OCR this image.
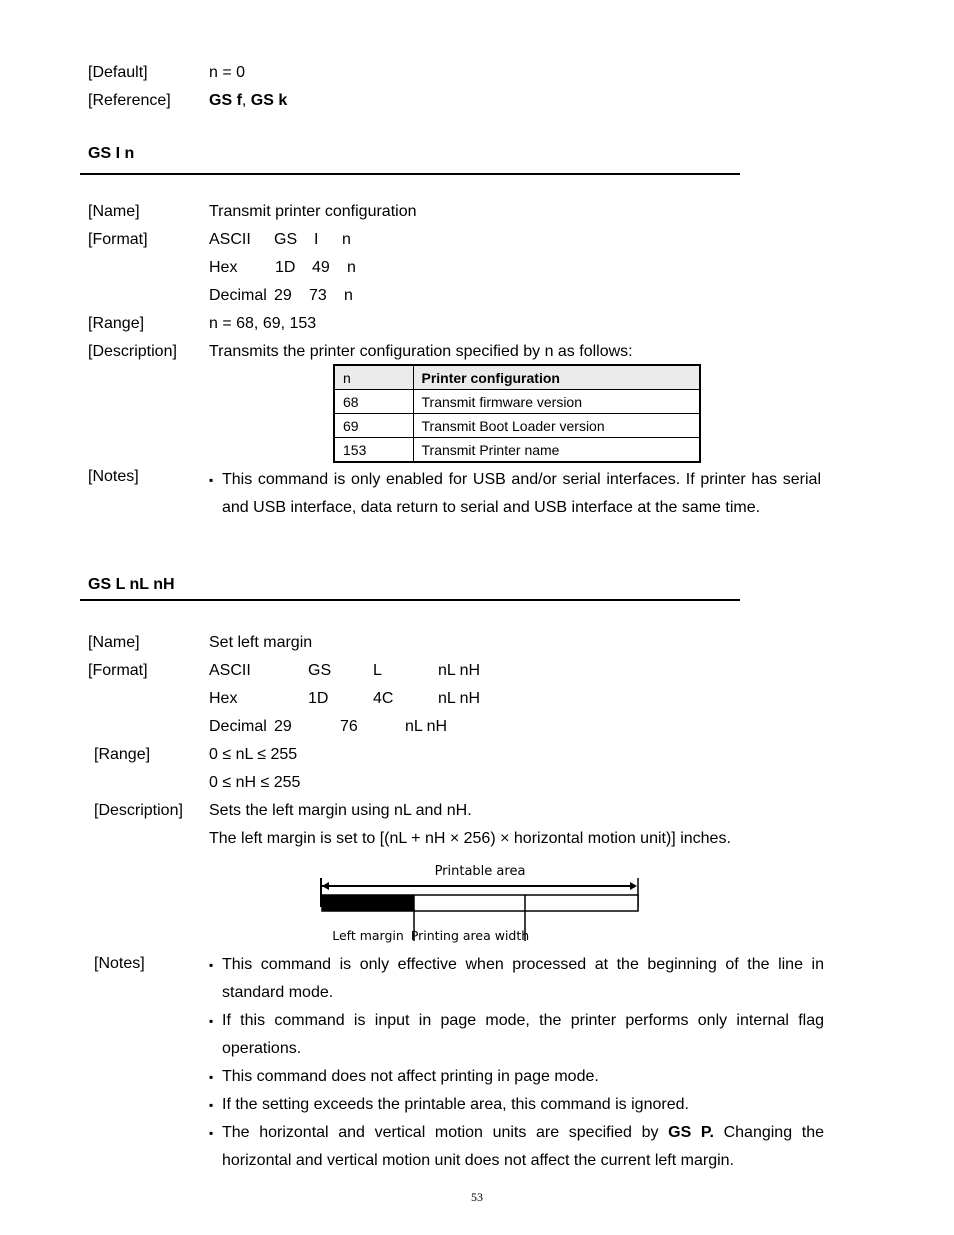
[Default]	n = 0
[Reference] GS f, GS k
GS I n
[Name]	Transmit printer configuration
[Format]	ASCII GS I n
Hex 1D 49 n
Decimal 29 73 n
[Range]	n = 68, 69, 153
[Description] Transmits the printer configuration specified by n as follows:
n	Printer configuration
68	Transmit firmware version
69	Transmit Boot Loader version
153	Transmit Printer name
[Notes]	▪ This command is only enabled for USB and/or serial interfaces. If printer has serial and USB interface, data return to serial and USB interface at the same time.
GS L nL nH
[Name]	Set left margin
[Format]	ASCII	GS	L	nL nH
Hex	1D	4C	nL nH
Decimal 29	76	nL nH
[Range]	0 ≤ nL ≤ 255
0 ≤ nH ≤ 255
[Description] Sets the left margin using nL and nH.
The left margin is set to [(nL + nH × 256) × horizontal motion unit)] inches.
Printable area
Left margin Printing area width
[Notes]	▪ This command is only effective when processed at the beginning of the line in standard mode.
▪ If this command is input in page mode, the printer performs only internal flag operations.
▪ This command does not affect printing in page mode.
▪ If the setting exceeds the printable area, this command is ignored.
▪ The horizontal and vertical motion units are specified by GS P. Changing the horizontal and vertical motion unit does not affect the current left margin.
53
